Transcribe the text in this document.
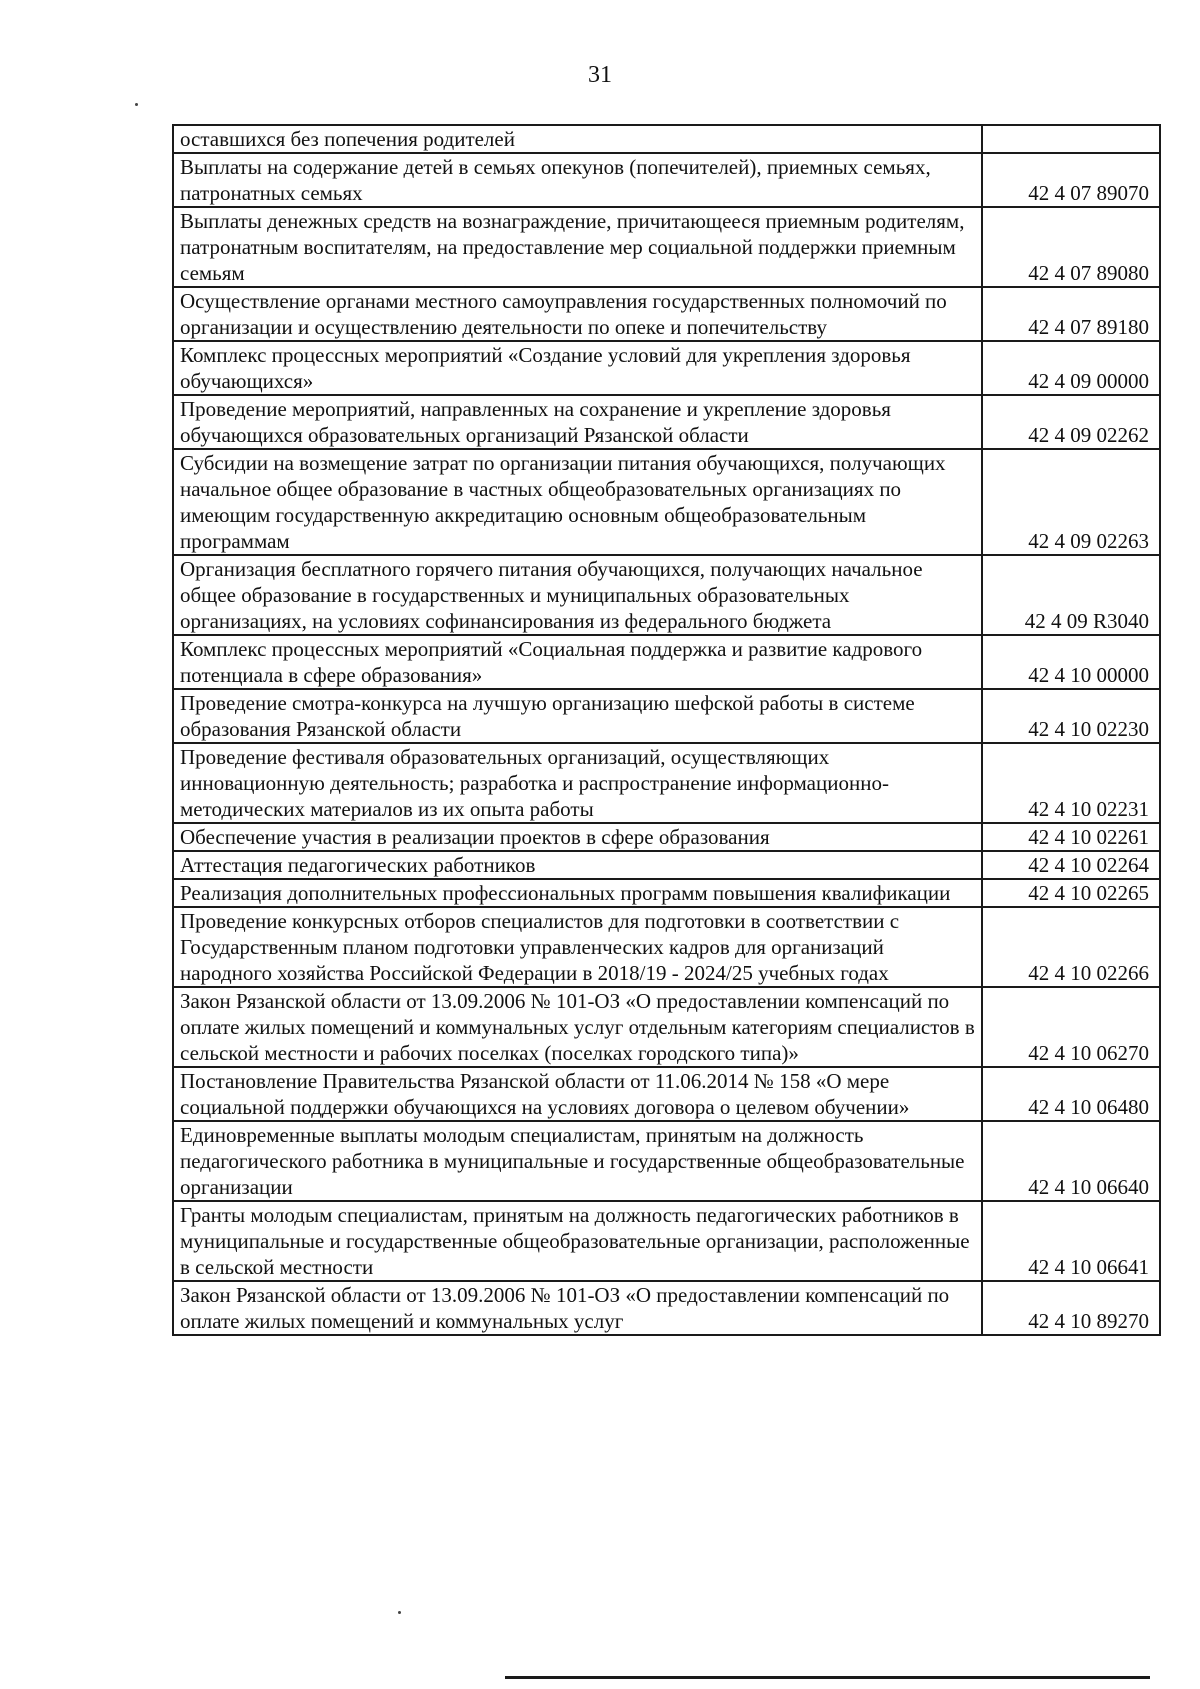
31
оставшихся без попечения родителей	
Выплаты на содержание детей в семьях опекунов (попечителей), приемных семьях, патронатных семьях	42 4 07 89070
Выплаты денежных средств на вознаграждение, причитающееся приемным родителям, патронатным воспитателям, на предоставление мер социальной поддержки приемным семьям	42 4 07 89080
Осуществление органами местного самоуправления государственных полномочий по организации и осуществлению деятельности по опеке и попечительству	42 4 07 89180
Комплекс процессных мероприятий «Создание условий для укрепления здоровья обучающихся»	42 4 09 00000
Проведение мероприятий, направленных на сохранение и укрепление здоровья обучающихся образовательных организаций Рязанской области	42 4 09 02262
Субсидии на возмещение затрат по организации питания обучающихся, получающих начальное общее образование в частных общеобразовательных организациях по имеющим государственную аккредитацию основным общеобразовательным программам	42 4 09 02263
Организация бесплатного горячего питания обучающихся, получающих начальное общее образование в государственных и муниципальных образовательных организациях, на условиях софинансирования из федерального бюджета	42 4 09 R3040
Комплекс процессных мероприятий «Социальная поддержка и развитие кадрового потенциала в сфере образования»	42 4 10 00000
Проведение смотра-конкурса на лучшую организацию шефской работы в системе образования Рязанской области	42 4 10 02230
Проведение фестиваля образовательных организаций, осуществляющих инновационную деятельность; разработка и распространение информационно-методических материалов из их опыта работы	42 4 10 02231
Обеспечение участия в реализации проектов в сфере образования	42 4 10 02261
Аттестация педагогических работников	42 4 10 02264
Реализация дополнительных профессиональных программ повышения квалификации	42 4 10 02265
Проведение конкурсных отборов специалистов для подготовки в соответствии с Государственным планом подготовки управленческих кадров для организаций народного хозяйства Российской Федерации в 2018/19 - 2024/25 учебных годах	42 4 10 02266
Закон Рязанской области от 13.09.2006 № 101-ОЗ «О предоставлении компенсаций по оплате жилых помещений и коммунальных услуг отдельным категориям специалистов в сельской местности и рабочих поселках (поселках городского типа)»	42 4 10 06270
Постановление Правительства Рязанской области от 11.06.2014 № 158 «О мере социальной поддержки обучающихся на условиях договора о целевом обучении»	42 4 10 06480
Единовременные выплаты молодым специалистам, принятым на должность педагогического работника в муниципальные и государственные общеобразовательные организации	42 4 10 06640
Гранты молодым специалистам, принятым на должность педагогических работников в муниципальные и государственные общеобразовательные организации, расположенные в сельской местности	42 4 10 06641
Закон Рязанской области от 13.09.2006 № 101-ОЗ «О предоставлении компенсаций по оплате жилых помещений и коммунальных услуг	42 4 10 89270
